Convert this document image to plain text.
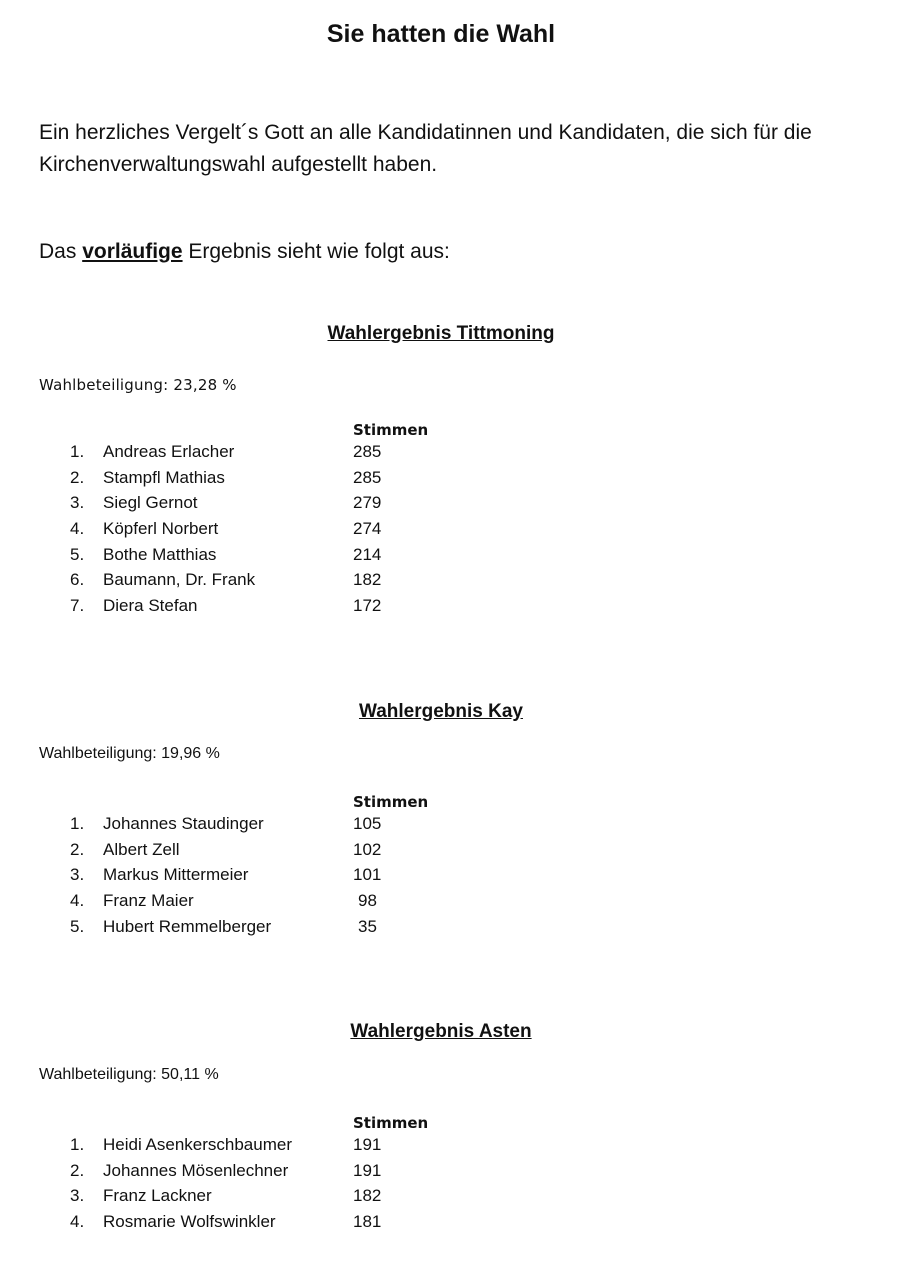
Sie hatten die Wahl

Ein herzliches Vergelt´s Gott an alle Kandidatinnen und Kandidaten, die sich für die Kirchenverwaltungswahl aufgestellt haben.

Das vorläufige Ergebnis sieht wie folgt aus:

Wahlergebnis Tittmoning

Wahlbeteiligung: 23,28 %

Stimmen

1. Andreas Erlacher	285
2. Stampfl Mathias	285
3. Siegl Gernot	279
4. Köpferl Norbert	274
5. Bothe Matthias	214
6. Baumann, Dr. Frank	182
7. Diera Stefan	172
Wahlergebnis Kay

Wahlbeteiligung: 19,96 %

Stimmen

1. Johannes Staudinger	105
2. Albert Zell	102
3. Markus Mittermeier	101
4. Franz Maier	98
5. Hubert Remmelberger	35
Wahlergebnis Asten

Wahlbeteiligung: 50,11 %

Stimmen

1. Heidi Asenkerschbaumer	191
2. Johannes Mösenlechner	191
3. Franz Lackner	182
4. Rosmarie Wolfswinkler	181
